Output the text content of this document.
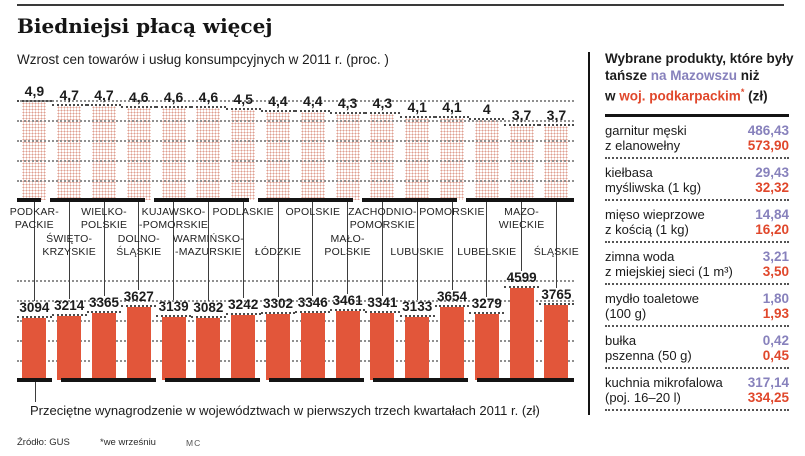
Biedniejsi płacą więcej
Wzrost cen towarów i usług konsumpcyjnych w 2011 r. (proc. )
4,9
PODKAR-
PACKIE
3094
4,7
ŚWIĘTO-
KRZYSKIE
3214
4,7
WIELKO-
POLSKIE
3365
4,6
DOLNO-
ŚLĄSKIE
3627
4,6
KUJAWSKO-
-POMORSKIE
3139
4,6
WARMIŃSKO-
-MAZURSKIE
3082
4,5
PODLASKIE
3242
4,4
ŁÓDZKIE
3302
4,4
OPOLSKIE
3346
4,3
MAŁO-
POLSKIE
3461
4,3
ZACHODNIO-
POMORSKIE
3341
4,1
LUBUSKIE
3133
4,1
POMORSKIE
3654
4
LUBELSKIE
3279
3,7
MAZO-
WIECKIE
4599
3,7
ŚLĄSKIE
3765
Przeciętne wynagrodzenie w województwach w pierwszych trzech kwartałach 2011 r. (zł)
Źródło: GUS	*we wrześniu	MC
Wybrane produkty, które były
tańsze na Mazowszu niż
w woj. podkarpackim* (zł)
garnitur męski
z elanowełny
486,43
573,90
kiełbasa
myśliwska (1 kg)
29,43
32,32
mięso wieprzowe
z kością (1 kg)
14,84
16,20
zimna woda
z miejskiej sieci (1 m³)
3,21
3,50
mydło toaletowe
(100 g)
1,80
1,93
bułka
pszenna (50 g)
0,42
0,45
kuchnia mikrofalowa
(poj. 16–20 l)
317,14
334,25
